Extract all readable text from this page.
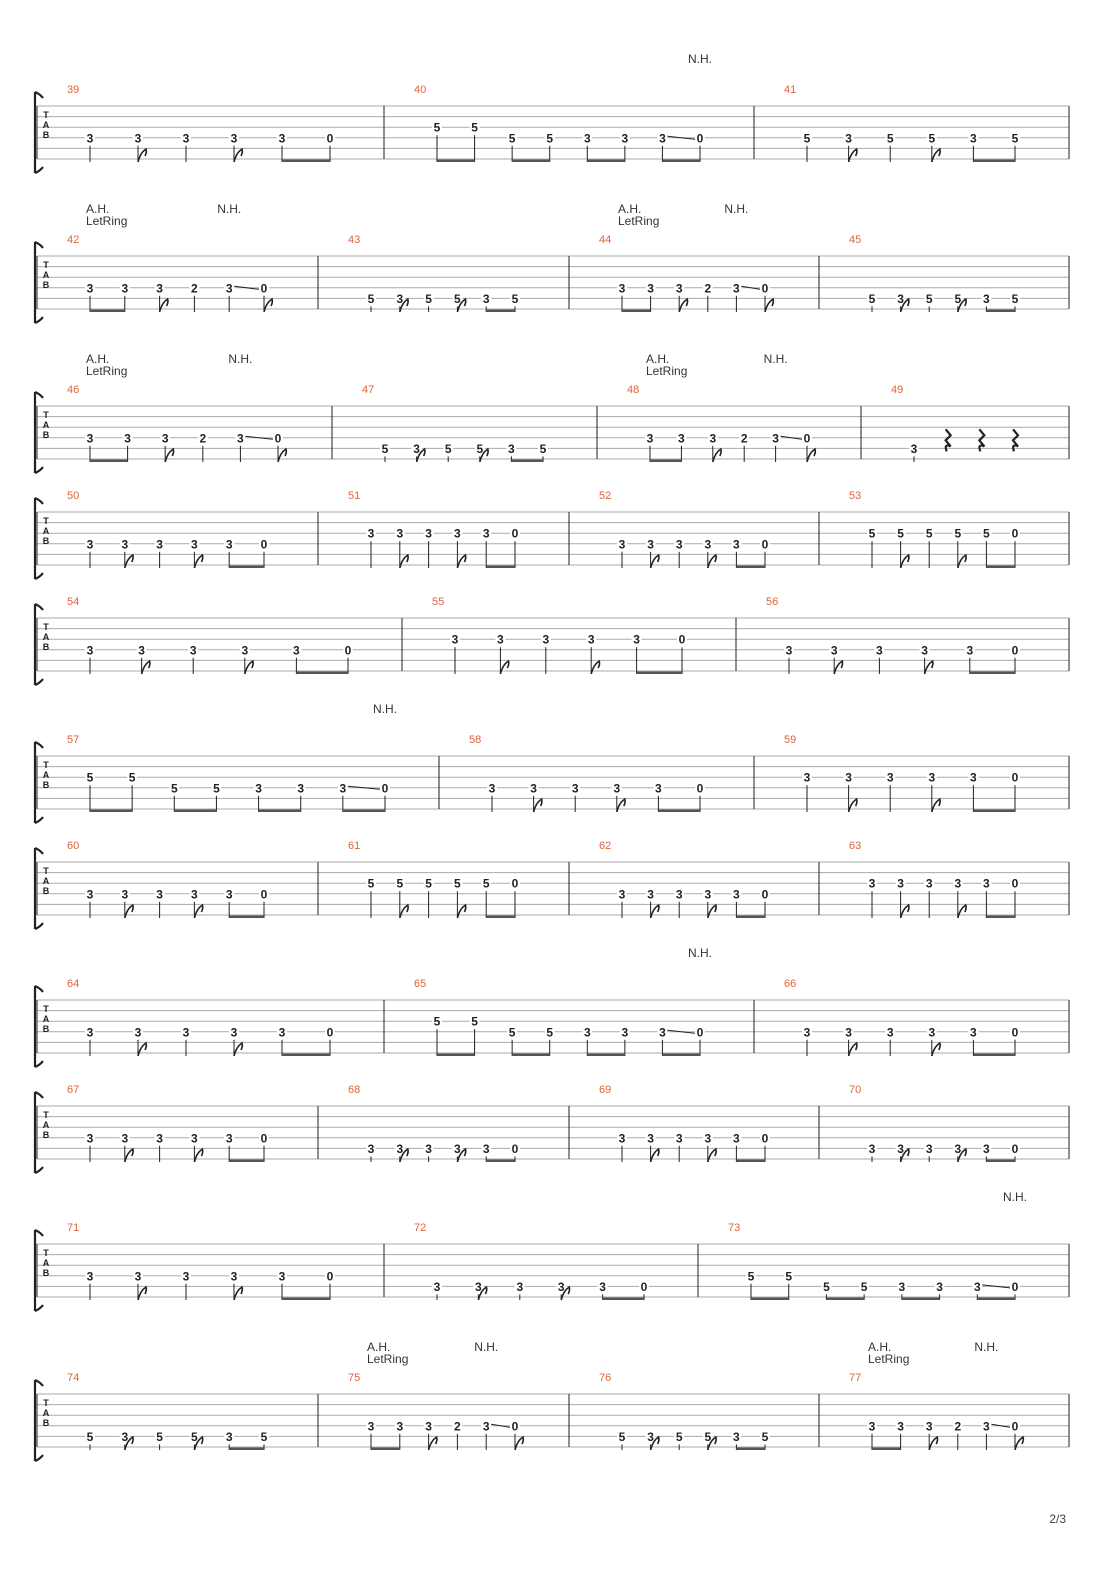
T
A
B
39
3	3	3	3	3	0
40
5	5
5	5	3	3	3	0
N.H.
41
5	3	5	5	3	5
T
A
B
42
3
A.H.
LetRing
3 3 2 3
N.H.
0
43
5 3 5 5 3 5
44
3
A.H.
LetRing
3 3 2 3
N.H.
0
45
5 3 5 5 3 5
T
A
B
46
3
A.H.
LetRing
3	3	2	3
N.H.
0
47
5 3 5 5 3 5
48
3
A.H.
LetRing
3 3 2 3
N.H.
0
49
3
T
A
B
50
3 3 3 3 3 0
51
3 3 3 3 3 0
52
3 3 3 3 3 0
53
5 5 5 5 5 0
T
A
B
54
3	3	3	3	3	0
55
3	3	3	3	3	0
56
3	3	3	3	3	0
T
A
B
57
5	5
5	5	3	3	3	0
N.H.
58
3	3	3	3	3	0
59
3	3	3	3	3	0
T
A
B
60
3 3 3 3 3 0
61
5 5 5 5 5 0
62
3 3 3 3 3 0
63
3 3 3 3 3 0
T
A
B
64
3	3	3	3	3	0
65
5	5
5	5	3	3	3	0
N.H.
66
3	3	3	3	3	0
T
A
B
67
3 3 3 3 3 0
68
3 3 3 3 3 0
69
3 3 3 3 3 0
70
3 3 3 3 3 0
T
A
B
71
3	3	3	3	3	0
72
3	3	3	3	3	0
73
5	5
5	5	3	3	3	0
N.H.
T
A
B
74
5 3 5 5 3 5
75
3
A.H.
LetRing
3 3 2 3
N.H.
0
76
5 3 5 5 3 5
77
3
A.H.
LetRing
3 3 2 3
N.H.
0
2/3
